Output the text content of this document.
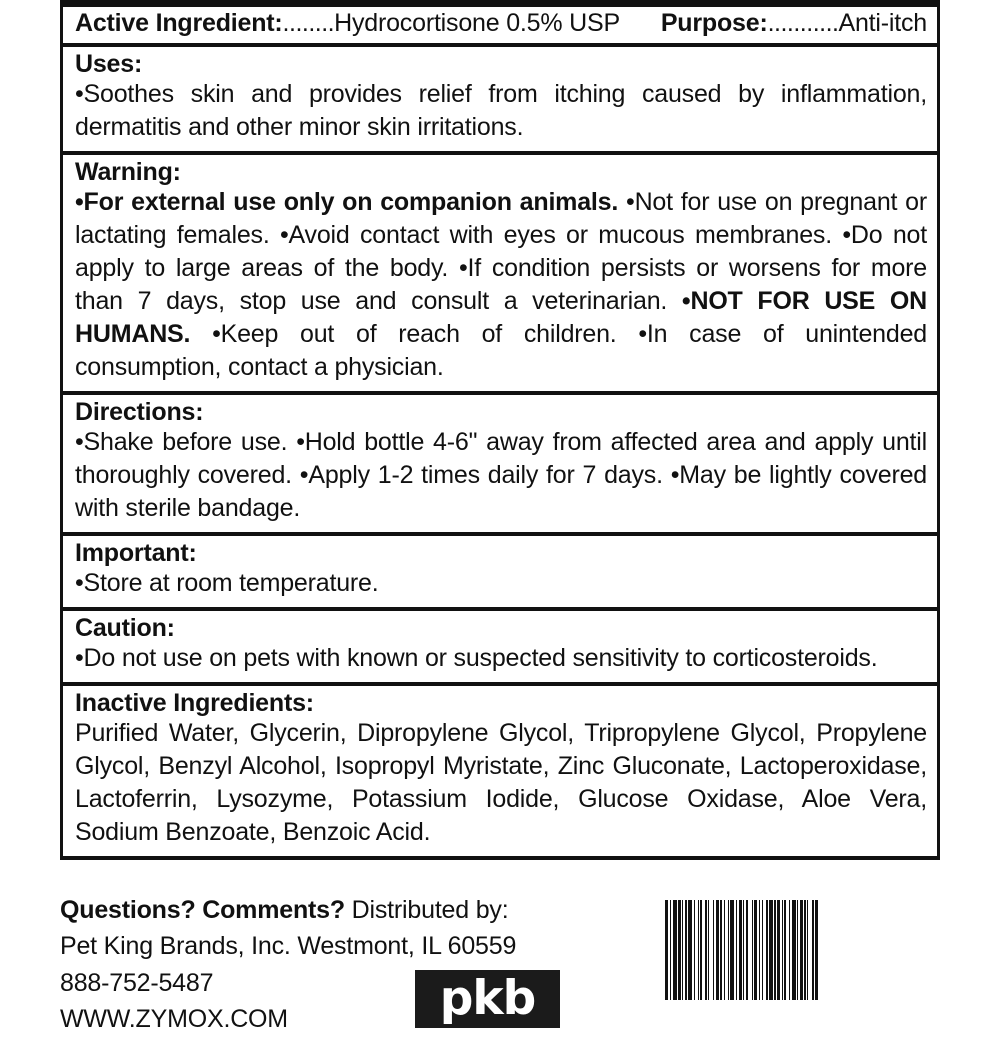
Active Ingredient:........Hydrocortisone 0.5% USP	Purpose:...........Anti-itch
Uses:
•Soothes skin and provides relief from itching caused by inflammation, dermatitis and other minor skin irritations.
Warning:
•For external use only on companion animals. •Not for use on pregnant or lactating females. •Avoid contact with eyes or mucous membranes. •Do not apply to large areas of the body. •If condition persists or worsens for more than 7 days, stop use and consult a veterinarian. •NOT FOR USE ON HUMANS. •Keep out of reach of children. •In case of unintended consumption, contact a physician.
Directions:
•Shake before use. •Hold bottle 4-6" away from affected area and apply until thoroughly covered. •Apply 1-2 times daily for 7 days. •May be lightly covered with sterile bandage.
Important:
•Store at room temperature.
Caution:
•Do not use on pets with known or suspected sensitivity to corticosteroids.
Inactive Ingredients:
Purified Water, Glycerin, Dipropylene Glycol, Tripropylene Glycol, Propylene Glycol, Benzyl Alcohol, Isopropyl Myristate, Zinc Gluconate, Lactoperoxidase, Lactoferrin, Lysozyme, Potassium Iodide, Glucose Oxidase, Aloe Vera, Sodium Benzoate, Benzoic Acid.
Questions? Comments? Distributed by:
Pet King Brands, Inc. Westmont, IL 60559
888-752-5487
WWW.ZYMOX.COM	pkb
